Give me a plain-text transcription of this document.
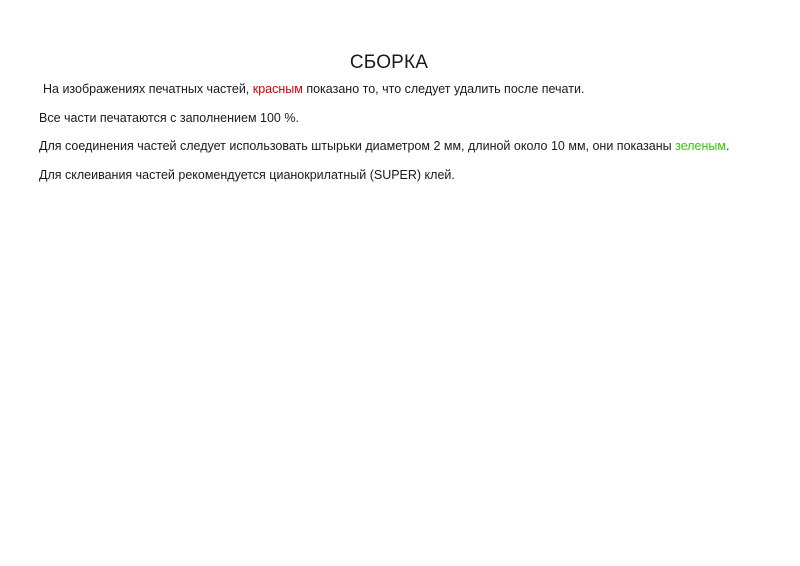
СБОРКА

На изображениях печатных частей, красным показано то, что следует удалить после печати.

Все части печатаются с заполнением 100 %.

Для соединения частей следует использовать штырьки диаметром 2 мм, длиной около 10 мм, они показаны зеленым.

Для склеивания частей рекомендуется цианокрилатный (SUPER) клей.
